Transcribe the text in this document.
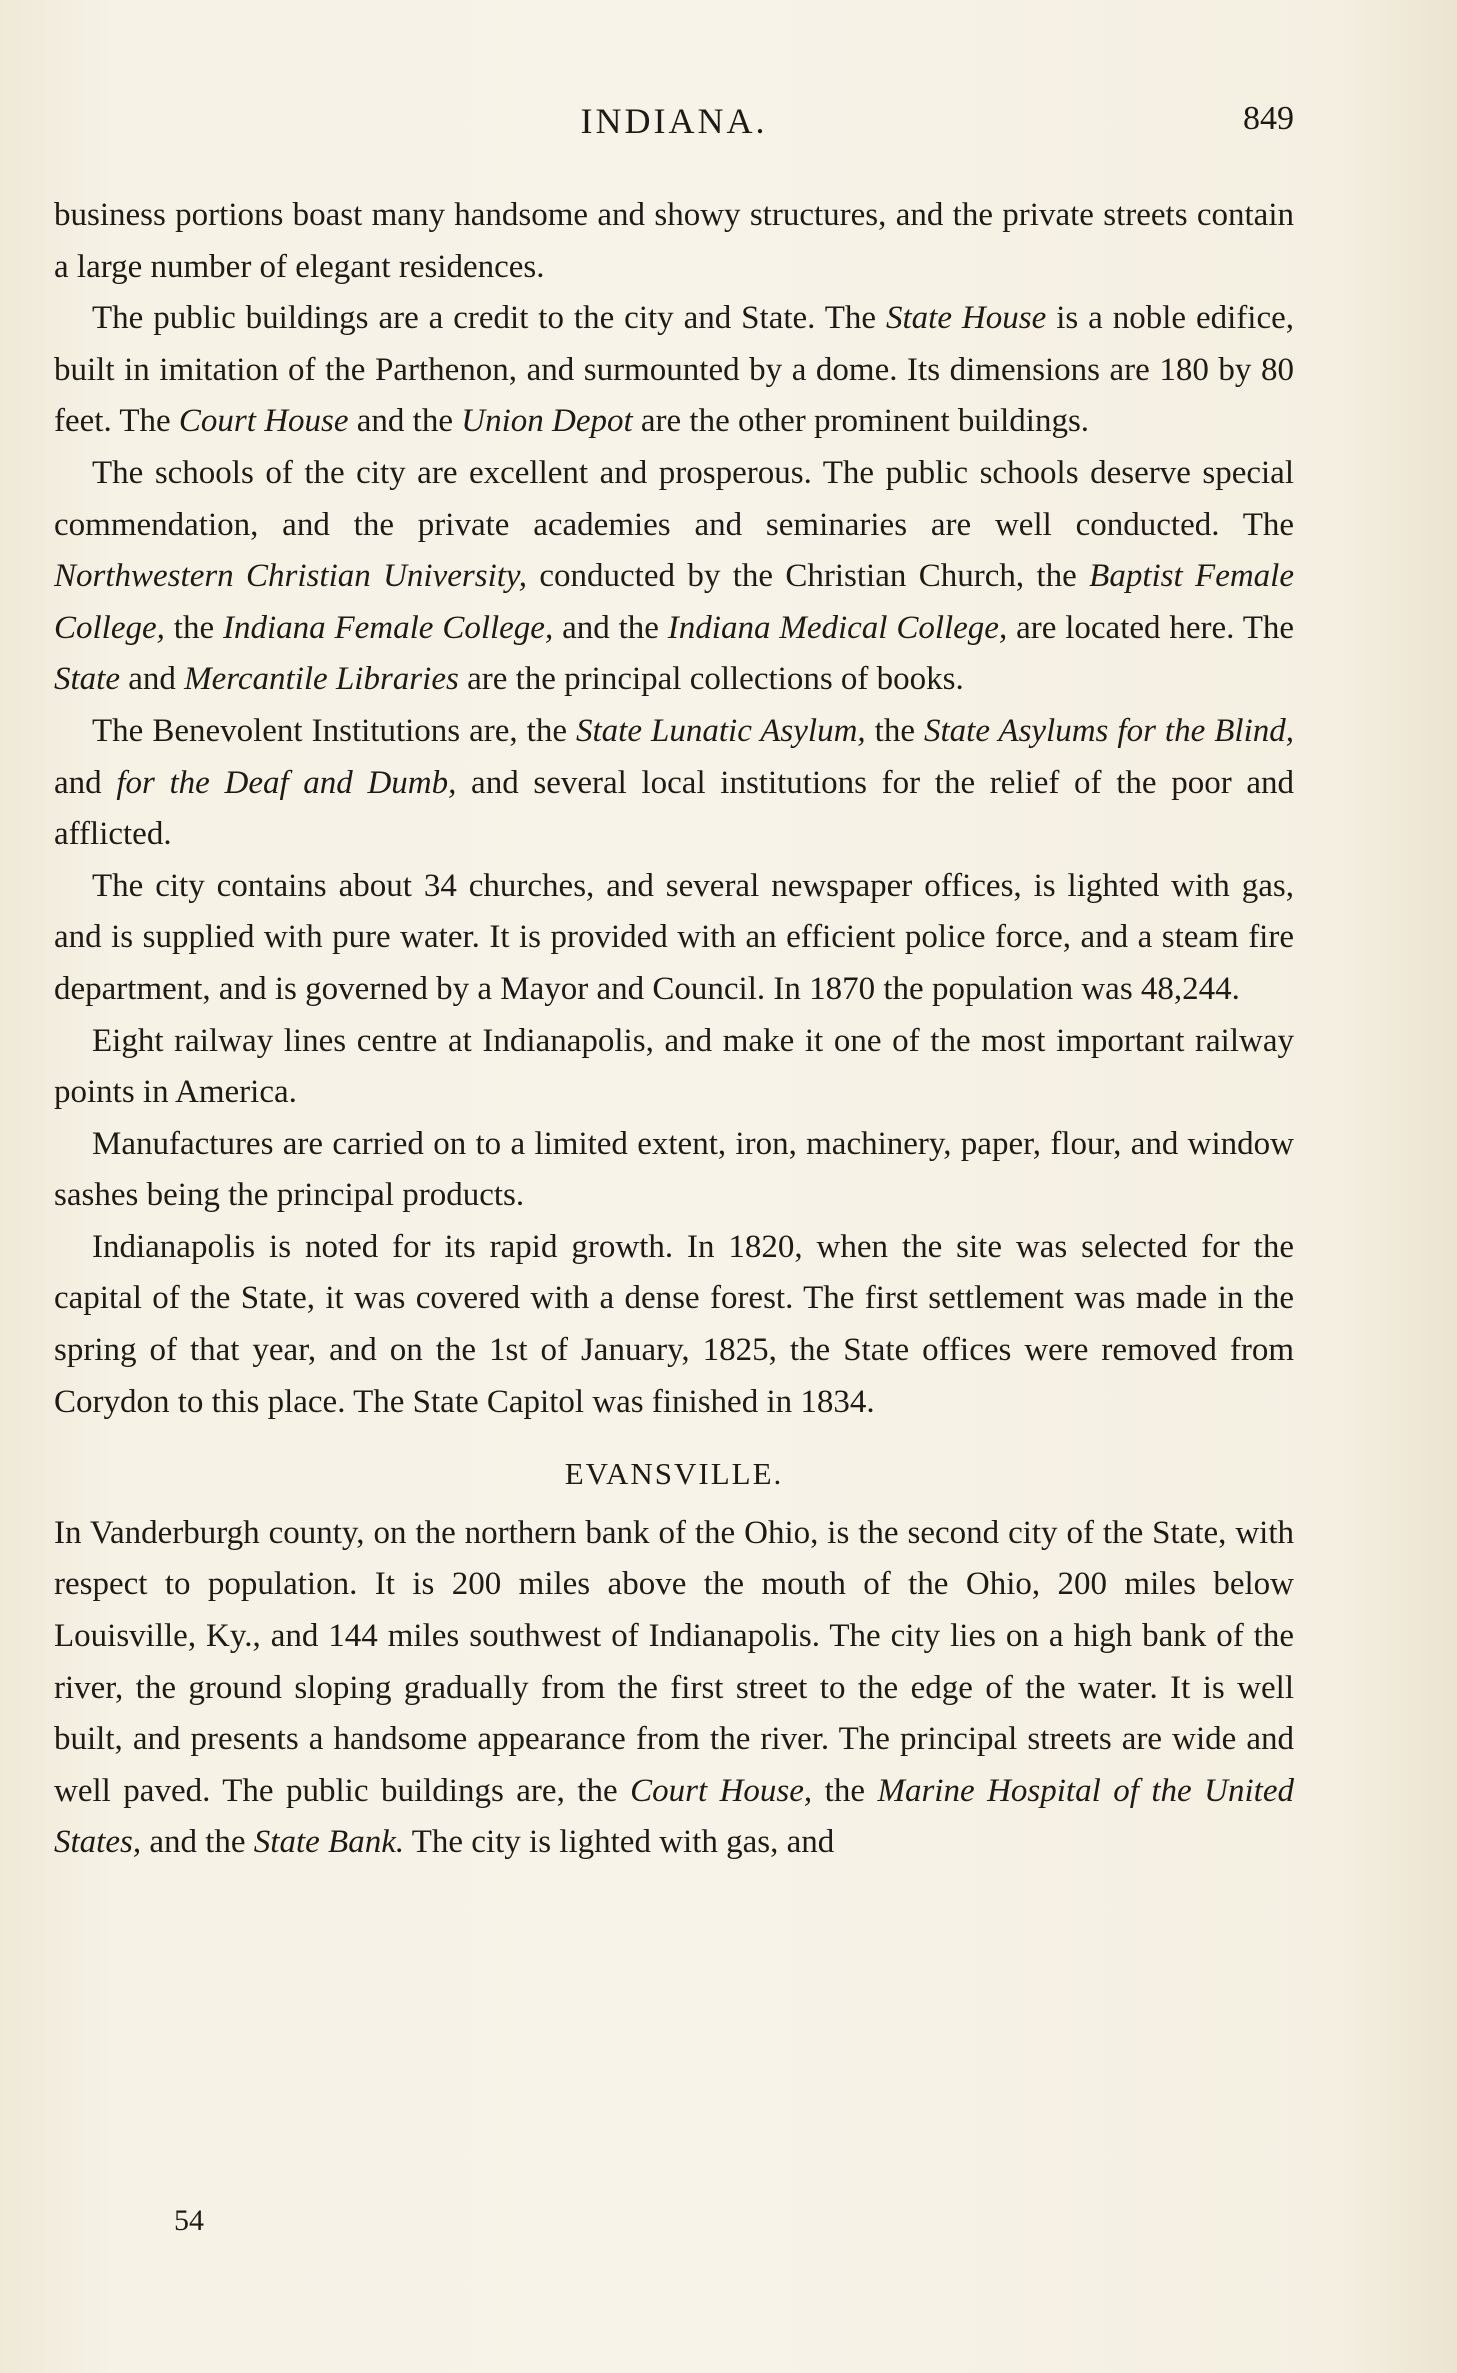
INDIANA.	849

business portions boast many handsome and showy structures, and the private streets contain a large number of elegant residences.

The public buildings are a credit to the city and State. The State House is a noble edifice, built in imitation of the Parthenon, and surmounted by a dome. Its dimensions are 180 by 80 feet. The Court House and the Union Depot are the other prominent buildings.

The schools of the city are excellent and prosperous. The public schools deserve special commendation, and the private academies and seminaries are well conducted. The Northwestern Christian University, conducted by the Christian Church, the Baptist Female College, the Indiana Female College, and the Indiana Medical College, are located here. The State and Mercantile Libraries are the principal collections of books.

The Benevolent Institutions are, the State Lunatic Asylum, the State Asylums for the Blind, and for the Deaf and Dumb, and several local institutions for the relief of the poor and afflicted.

The city contains about 34 churches, and several newspaper offices, is lighted with gas, and is supplied with pure water. It is provided with an efficient police force, and a steam fire department, and is governed by a Mayor and Council. In 1870 the population was 48,244.

Eight railway lines centre at Indianapolis, and make it one of the most important railway points in America.

Manufactures are carried on to a limited extent, iron, machinery, paper, flour, and window sashes being the principal products.

Indianapolis is noted for its rapid growth. In 1820, when the site was selected for the capital of the State, it was covered with a dense forest. The first settlement was made in the spring of that year, and on the 1st of January, 1825, the State offices were removed from Corydon to this place. The State Capitol was finished in 1834.

EVANSVILLE.

In Vanderburgh county, on the northern bank of the Ohio, is the second city of the State, with respect to population. It is 200 miles above the mouth of the Ohio, 200 miles below Louisville, Ky., and 144 miles southwest of Indianapolis. The city lies on a high bank of the river, the ground sloping gradually from the first street to the edge of the water. It is well built, and presents a handsome appearance from the river. The principal streets are wide and well paved. The public buildings are, the Court House, the Marine Hospital of the United States, and the State Bank. The city is lighted with gas, and

54
